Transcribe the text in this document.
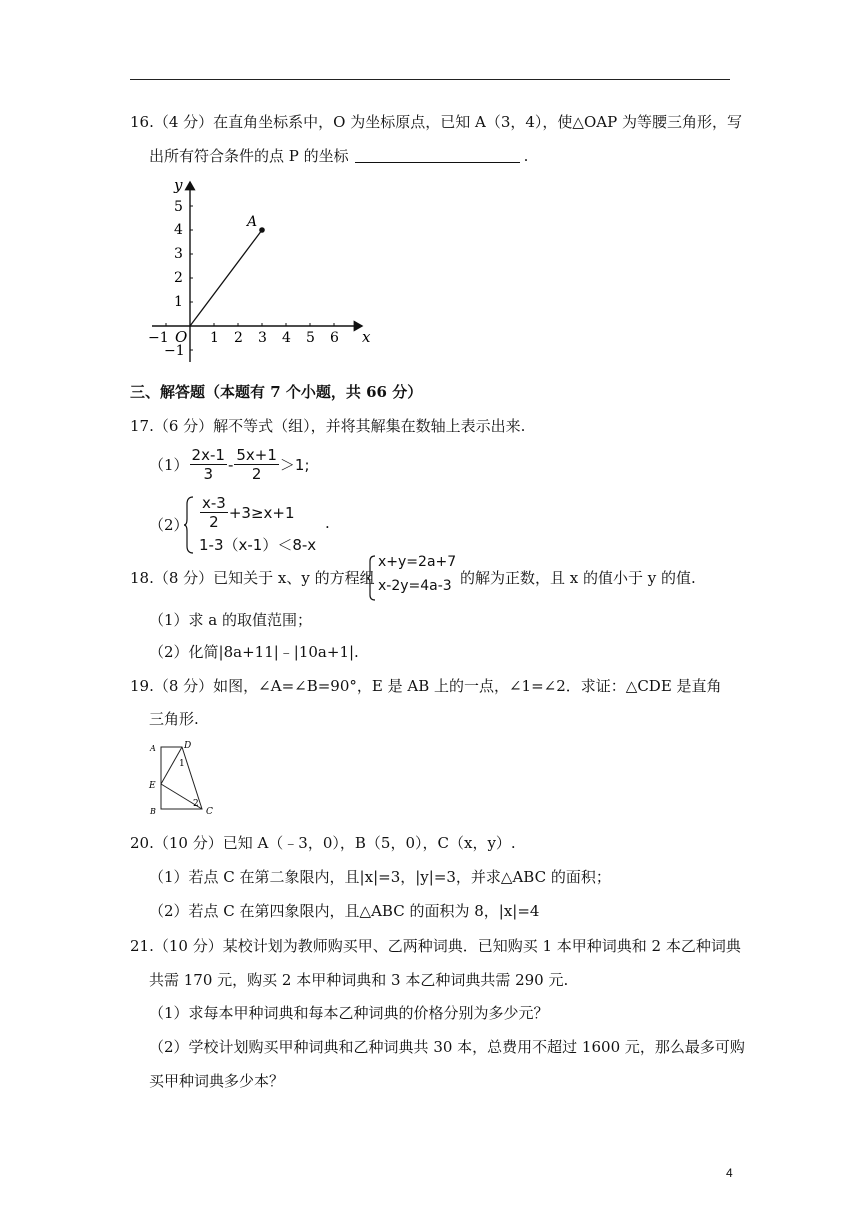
16.（4 分）在直角坐标系中，O 为坐标原点，已知 A（3，4），使△OAP 为等腰三角形，写
出所有符合条件的点 P 的坐标	.
y
x
O
5
4
3
2
1
−1
−1	1 2 3 4 5 6
A
三、解答题（本题有 7 个小题，共 66 分）
17.（6 分）解不等式（组），并将其解集在数轴上表示出来.
$(1) \frac{2x-1}{3} - \frac{5x+1}{2} >1$;
$(2) \frac{x-3}{2} +3\ge x+1$
1-3（x-1）＜8-x
.
18.（8 分）已知关于 x、y 的方程组
x+y=2a+7
x-2y=4a-3 的解为正数，且 x 的值小于 y 的值.
（1）求 a 的取值范围；
（2）化简|8a+11|﹣|10a+1|.
19.（8 分）如图，∠A=∠B=90°，E 是 AB 上的一点，∠1=∠2．求证：△CDE 是直角
三角形.
A	D
E
B	C
1
2
20.（10 分）已知 A（﹣3，0），B（5，0），C（x，y）.
（1）若点 C 在第二象限内，且|x|=3，|y|=3，并求△ABC 的面积；
（2）若点 C 在第四象限内，且△ABC 的面积为 8，|x|=4
21.（10 分）某校计划为教师购买甲、乙两种词典．已知购买 1 本甲种词典和 2 本乙种词典
共需 170 元，购买 2 本甲种词典和 3 本乙种词典共需 290 元.
（1）求每本甲种词典和每本乙种词典的价格分别为多少元？
（2）学校计划购买甲种词典和乙种词典共 30 本，总费用不超过 1600 元，那么最多可购
买甲种词典多少本？
4
